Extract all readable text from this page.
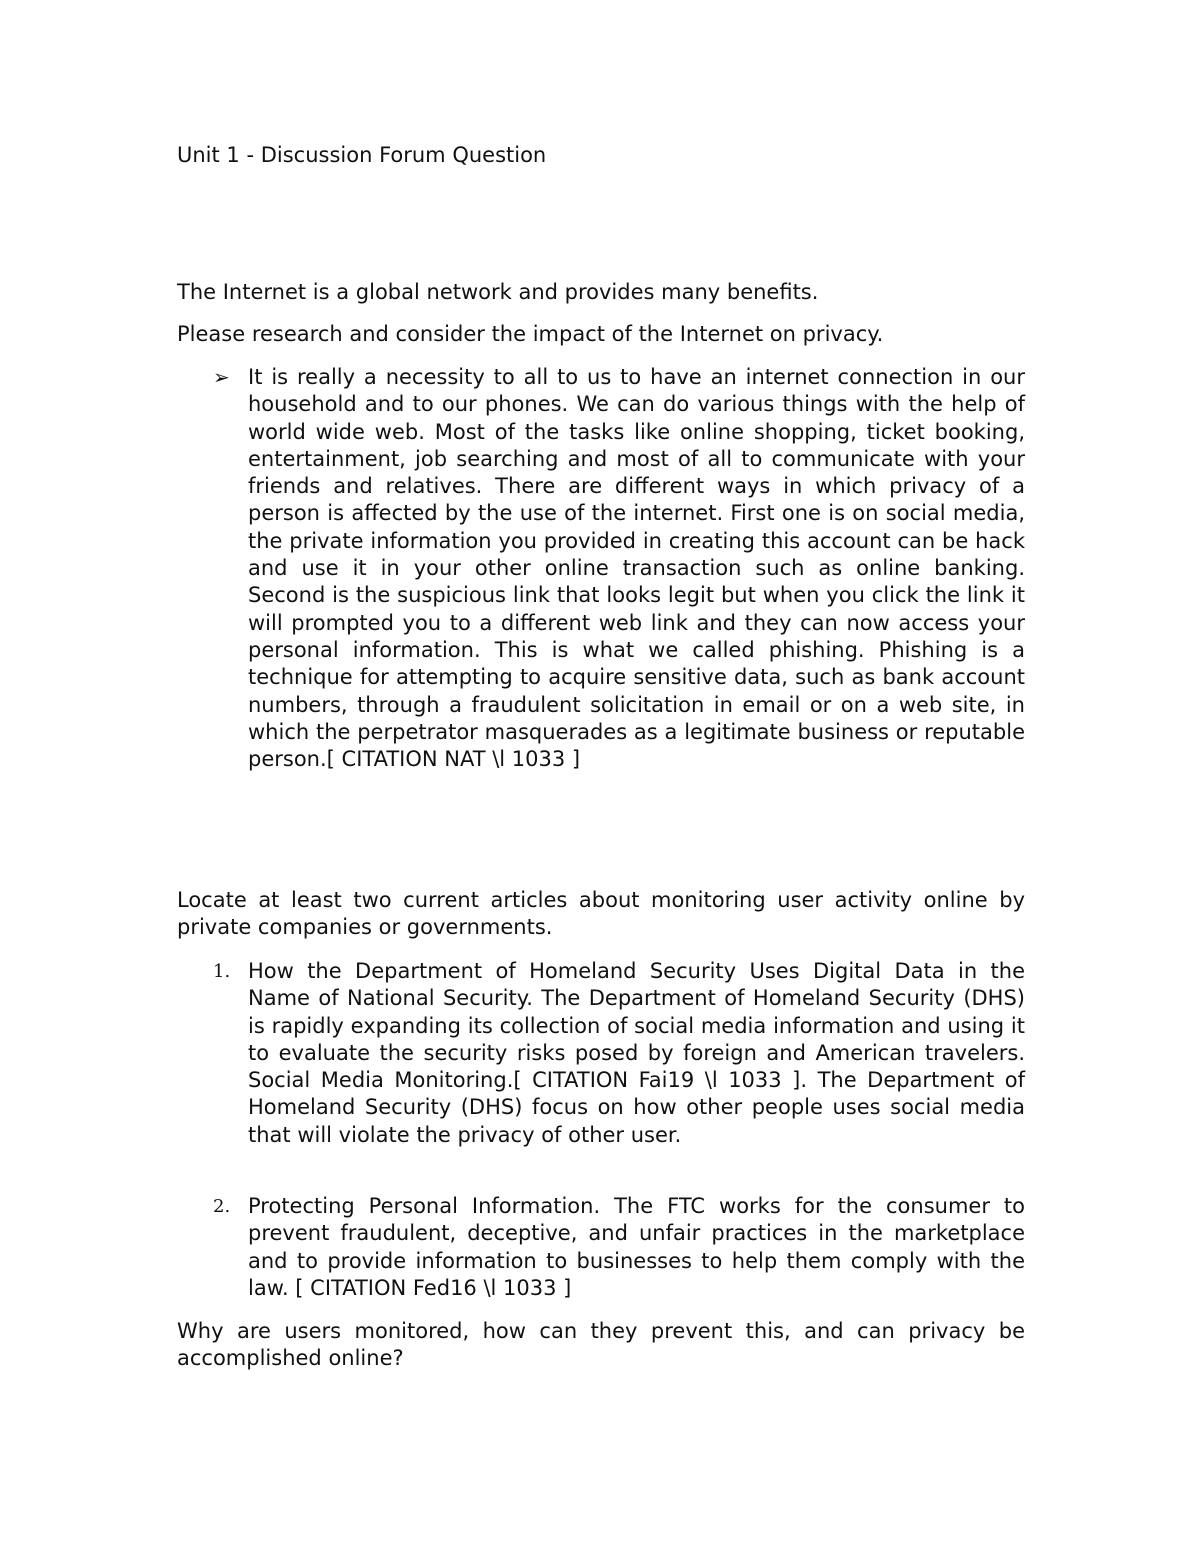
Unit 1 - Discussion Forum Question

The Internet is a global network and provides many benefits.

Please research and consider the impact of the Internet on privacy.

➢ It is really a necessity to all to us to have an internet connection in our household and to our phones. We can do various things with the help of world wide web. Most of the tasks like online shopping, ticket booking, entertainment, job searching and most of all to communicate with your friends and relatives. There are different ways in which privacy of a person is affected by the use of the internet. First one is on social media, the private information you provided in creating this account can be hack and use it in your other online transaction such as online banking. Second is the suspicious link that looks legit but when you click the link it will prompted you to a different web link and they can now access your personal information. This is what we called phishing. Phishing is a technique for attempting to acquire sensitive data, such as bank account numbers, through a fraudulent solicitation in email or on a web site, in which the perpetrator masquerades as a legitimate business or reputable person.[ CITATION NAT \l 1033 ]

Locate at least two current articles about monitoring user activity online by private companies or governments.

1. How the Department of Homeland Security Uses Digital Data in the Name of National Security. The Department of Homeland Security (DHS) is rapidly expanding its collection of social media information and using it to evaluate the security risks posed by foreign and American travelers. Social Media Monitoring.[ CITATION Fai19 \l 1033 ]. The Department of Homeland Security (DHS) focus on how other people uses social media that will violate the privacy of other user.

2. Protecting Personal Information. The FTC works for the consumer to prevent fraudulent, deceptive, and unfair practices in the marketplace and to provide information to businesses to help them comply with the law. [ CITATION Fed16 \l 1033 ]

Why are users monitored, how can they prevent this, and can privacy be accomplished online?
